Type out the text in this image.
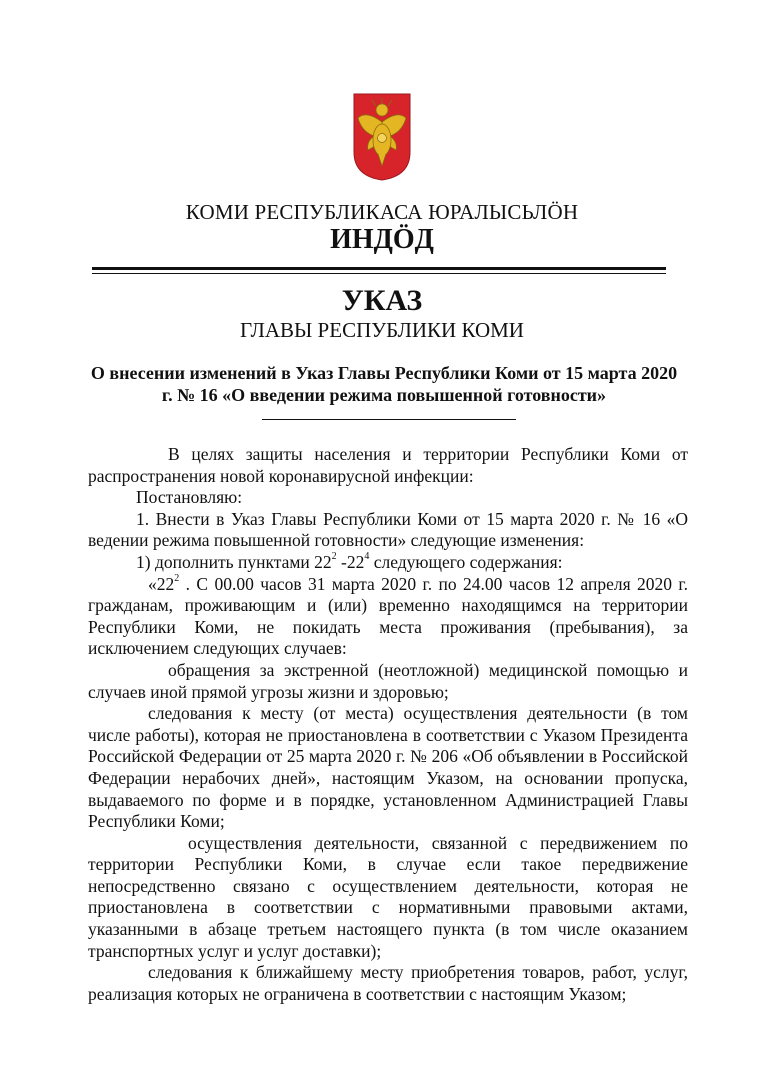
КОМИ РЕСПУБЛИКАСА ЮРАЛЫСЬЛÖН
ИНДÖД
УКАЗ
ГЛАВЫ РЕСПУБЛИКИ КОМИ
О внесении изменений в Указ Главы Республики Коми от 15 марта 2020
г. № 16 «О введении режима повышенной готовности»

В целях защиты населения и территории Республики Коми от распространения новой коронавирусной инфекции:

Постановляю:

1. Внести в Указ Главы Республики Коми от 15 марта 2020 г. № 16 «О ведении режима повышенной готовности» следующие изменения:

1) дополнить пунктами $22^2$ $-22^4$ следующего содержания:

«$22^2$ . С 00.00 часов 31 марта 2020 г. по 24.00 часов 12 апреля 2020 г. гражданам, проживающим и (или) временно находящимся на территории Республики Коми, не покидать места проживания (пребывания), за исключением следующих случаев:

обращения за экстренной (неотложной) медицинской помощью и случаев иной прямой угрозы жизни и здоровью;

следования к месту (от места) осуществления деятельности (в том числе работы), которая не приостановлена в соответствии с Указом Президента Российской Федерации от 25 марта 2020 г. № 206 «Об объявлении в Российской Федерации нерабочих дней», настоящим Указом, на основании пропуска, выдаваемого по форме и в порядке, установленном Администрацией Главы Республики Коми;

осуществления деятельности, связанной с передвижением по территории Республики Коми, в случае если такое передвижение непосредственно связано с осуществлением деятельности, которая не приостановлена в соответствии с нормативными правовыми актами, указанными в абзаце третьем настоящего пункта (в том числе оказанием транспортных услуг и услуг доставки);

следования к ближайшему месту приобретения товаров, работ, услуг, реализация которых не ограничена в соответствии с настоящим Указом;
